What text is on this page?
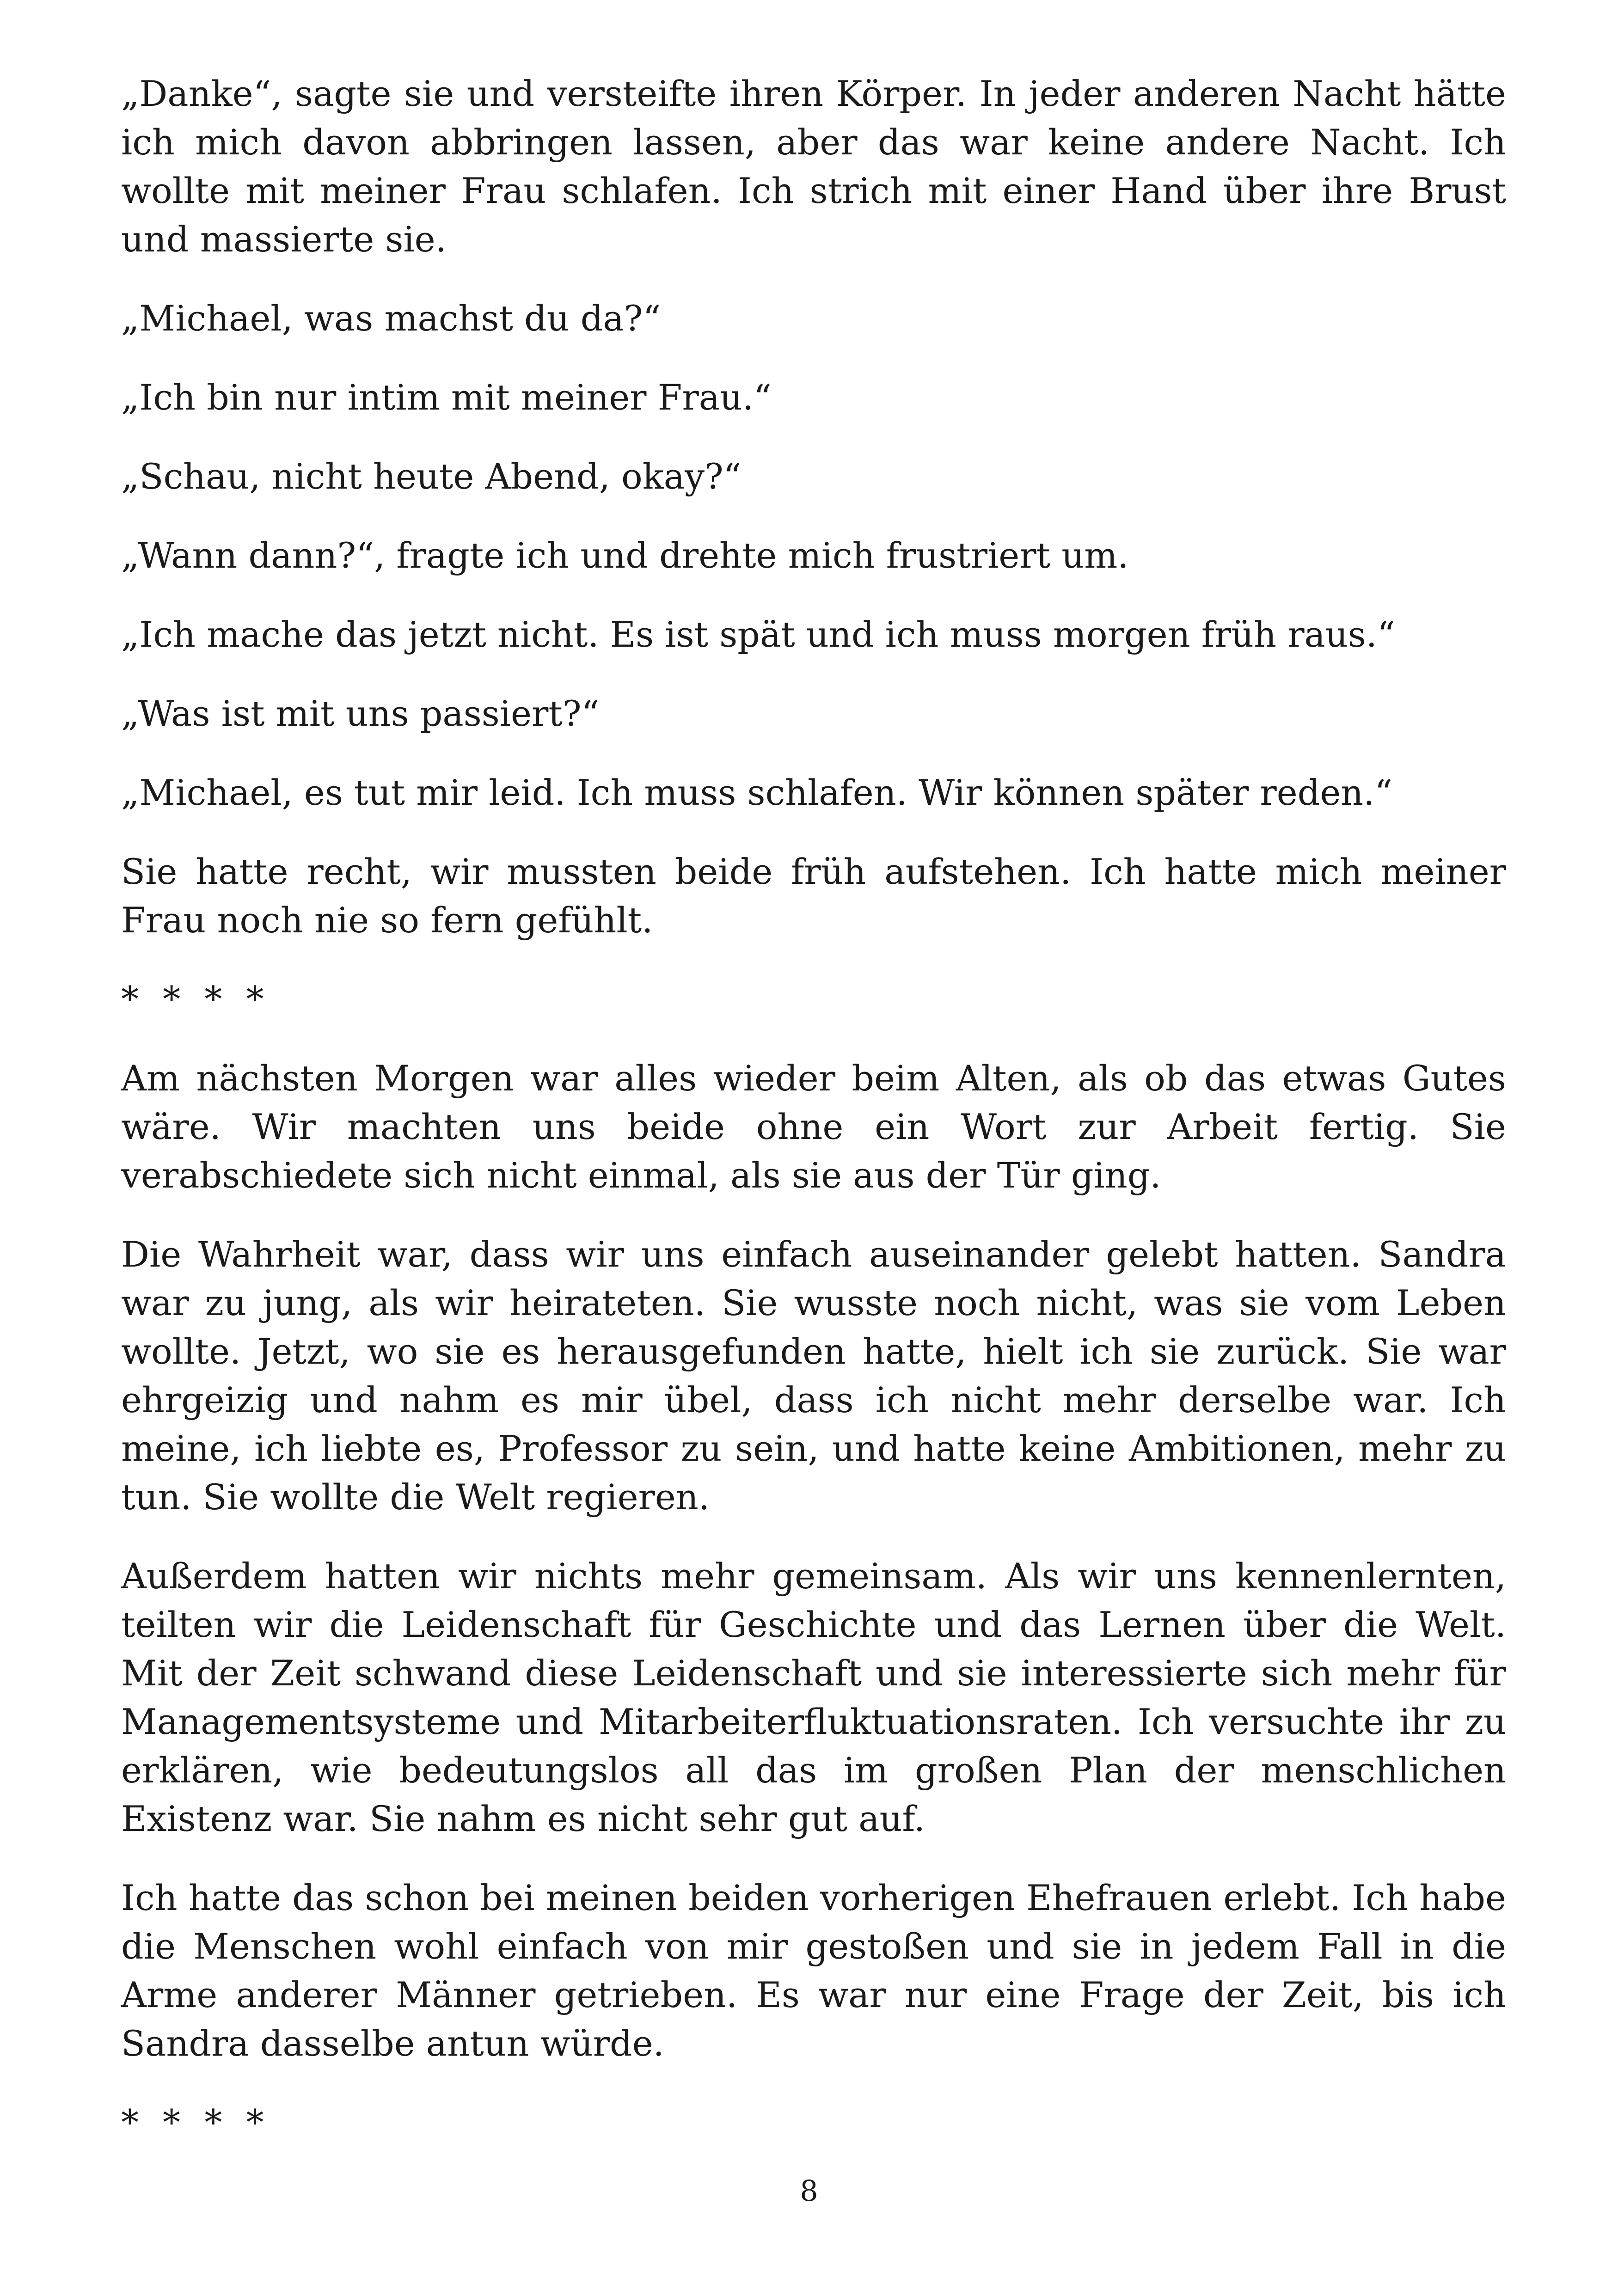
„Danke“, sagte sie und versteifte ihren Körper. In jeder anderen Nacht hätte ich mich davon abbringen lassen, aber das war keine andere Nacht. Ich wollte mit meiner Frau schlafen. Ich strich mit einer Hand über ihre Brust und massierte sie.

„Michael, was machst du da?“

„Ich bin nur intim mit meiner Frau.“

„Schau, nicht heute Abend, okay?“

„Wann dann?“, fragte ich und drehte mich frustriert um.

„Ich mache das jetzt nicht. Es ist spät und ich muss morgen früh raus.“

„Was ist mit uns passiert?“

„Michael, es tut mir leid. Ich muss schlafen. Wir können später reden.“

Sie hatte recht, wir mussten beide früh aufstehen. Ich hatte mich meiner Frau noch nie so fern gefühlt.

* * * *

Am nächsten Morgen war alles wieder beim Alten, als ob das etwas Gutes wäre. Wir machten uns beide ohne ein Wort zur Arbeit fertig. Sie verabschiedete sich nicht einmal, als sie aus der Tür ging.

Die Wahrheit war, dass wir uns einfach auseinander gelebt hatten. Sandra war zu jung, als wir heirateten. Sie wusste noch nicht, was sie vom Leben wollte. Jetzt, wo sie es herausgefunden hatte, hielt ich sie zurück. Sie war ehrgeizig und nahm es mir übel, dass ich nicht mehr derselbe war. Ich meine, ich liebte es, Professor zu sein, und hatte keine Ambitionen, mehr zu tun. Sie wollte die Welt regieren.

Außerdem hatten wir nichts mehr gemeinsam. Als wir uns kennenlernten, teilten wir die Leidenschaft für Geschichte und das Lernen über die Welt. Mit der Zeit schwand diese Leidenschaft und sie interessierte sich mehr für Managementsysteme und Mitarbeiterfluktuationsraten. Ich versuchte ihr zu erklären, wie bedeutungslos all das im großen Plan der menschlichen Existenz war. Sie nahm es nicht sehr gut auf.

Ich hatte das schon bei meinen beiden vorherigen Ehefrauen erlebt. Ich habe die Menschen wohl einfach von mir gestoßen und sie in jedem Fall in die Arme anderer Männer getrieben. Es war nur eine Frage der Zeit, bis ich Sandra dasselbe antun würde.

* * * *
8
